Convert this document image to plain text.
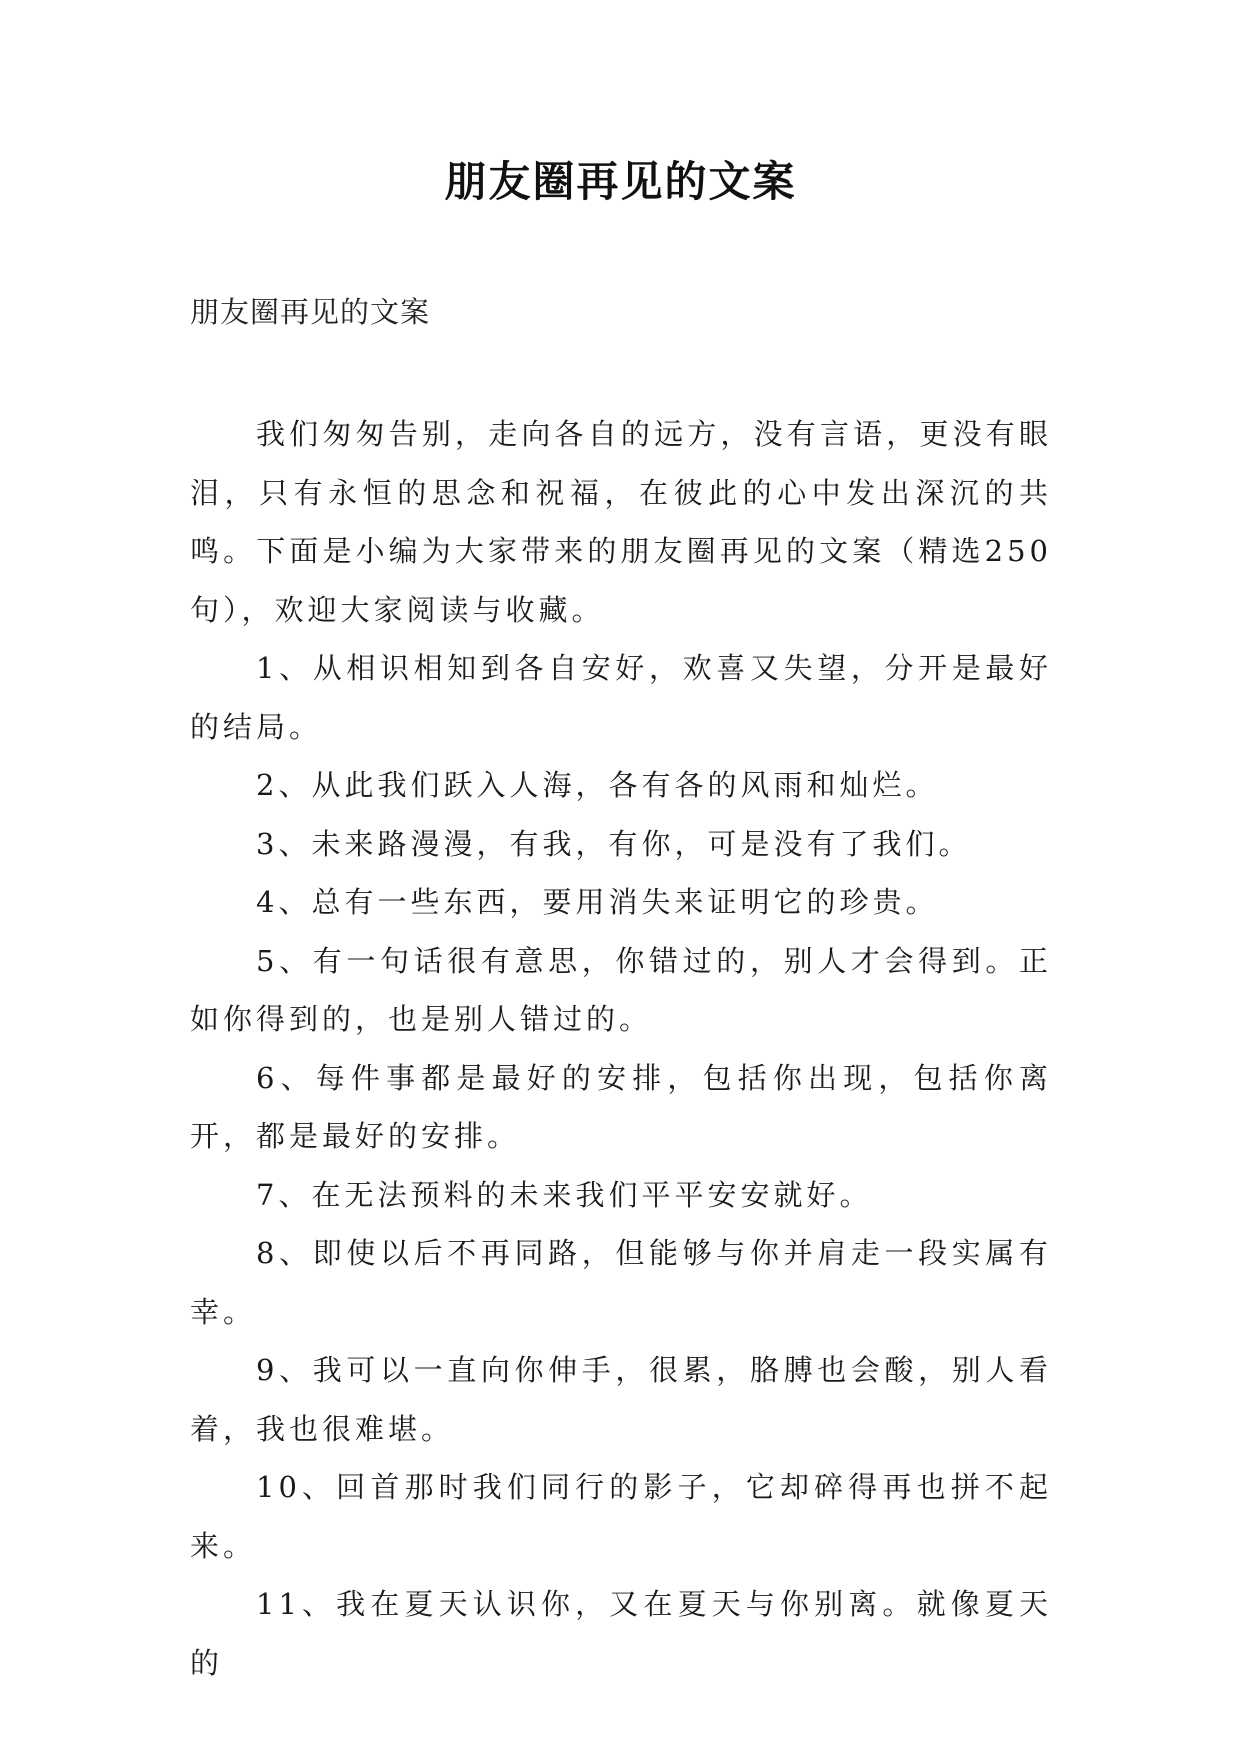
朋友圈再见的文案

朋友圈再见的文案

我们匆匆告别，走向各自的远方，没有言语，更没有眼泪，只有永恒的思念和祝福，在彼此的心中发出深沉的共鸣。下面是小编为大家带来的朋友圈再见的文案（精选250句），欢迎大家阅读与收藏。

1、从相识相知到各自安好，欢喜又失望，分开是最好的结局。

2、从此我们跃入人海，各有各的风雨和灿烂。

3、未来路漫漫，有我，有你，可是没有了我们。

4、总有一些东西，要用消失来证明它的珍贵。

5、有一句话很有意思，你错过的，别人才会得到。正如你得到的，也是别人错过的。

6、每件事都是最好的安排，包括你出现，包括你离开，都是最好的安排。

7、在无法预料的未来我们平平安安就好。

8、即使以后不再同路，但能够与你并肩走一段实属有幸。

9、我可以一直向你伸手，很累，胳膊也会酸，别人看着，我也很难堪。

10、回首那时我们同行的影子，它却碎得再也拼不起来。

11、我在夏天认识你，又在夏天与你别离。就像夏天的
